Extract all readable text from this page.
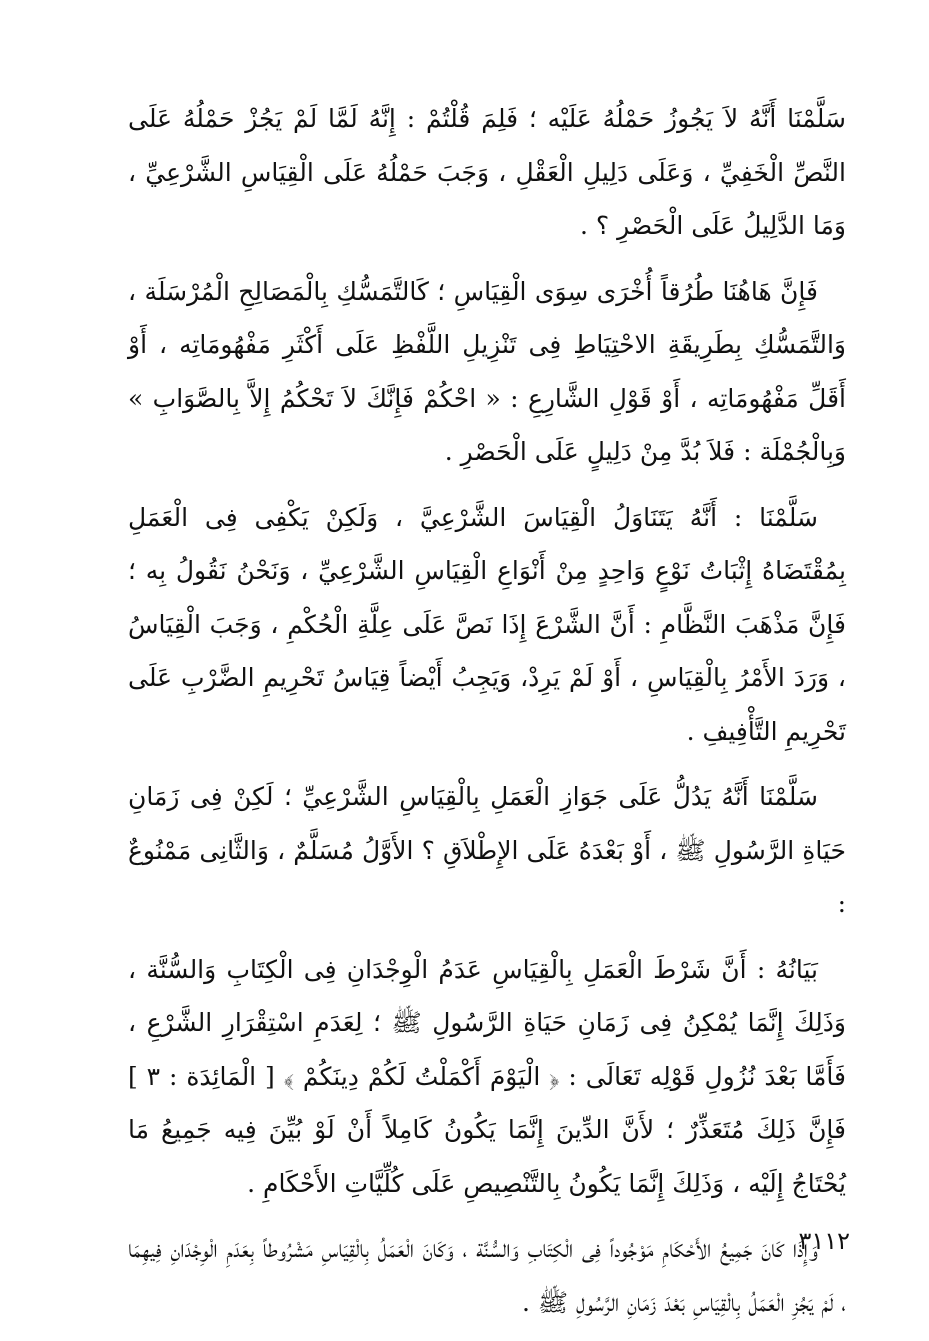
سَلَّمْنَا أَنَّهُ لاَ يَجُوزُ حَمْلُهُ عَلَيْه ؛ فَلِمَ قُلْتُمْ : إِنَّهُ لَمَّا لَمْ يَجُزْ حَمْلُهُ عَلَى النَّصِّ الْخَفِيِّ ، وَعَلَى دَلِيلِ الْعَقْلِ ، وَجَبَ حَمْلُهُ عَلَى الْقِيَاسِ الشَّرْعِيِّ ، وَمَا الدَّلِيلُ عَلَى الْحَصْرِ ؟ .

فَإِنَّ هَاهُنَا طُرُقاً أُخْرَى سِوَى الْقِيَاسِ ؛ كَالتَّمَسُّكِ بِالْمَصَالِحِ الْمُرْسَلَة ، وَالتَّمَسُّكِ بِطَرِيقَةِ الاحْتِيَاطِ فِى تَنْزِيلِ اللَّفْظِ عَلَى أَكْثَرِ مَفْهُومَاتِه ، أَوْ أَقَلِّ مَفْهُومَاتِه ، أَوْ قَوْلِ الشَّارِعِ : « احْكُمْ فَإِنَّكَ لاَ تَحْكُمُ إِلاَّ بِالصَّوَابِ » وَبِالْجُمْلَة : فَلاَ بُدَّ مِنْ دَلِيلٍ عَلَى الْحَصْرِ .

سَلَّمْنَا : أَنَّهُ يَتَنَاوَلُ الْقِيَاسَ الشَّرْعِيَّ ، وَلَكِنْ يَكْفِى فِى الْعَمَلِ بِمُقْتَضَاهُ إِثْبَاتُ نَوْعٍ وَاحِدٍ مِنْ أَنْوَاعِ الْقِيَاسِ الشَّرْعِيِّ ، وَنَحْنُ نَقُولُ بِه ؛ فَإِنَّ مَذْهَبَ النَّظَّامِ : أَنَّ الشَّرْعَ إِذَا نَصَّ عَلَى عِلَّةِ الْحُكْمِ ، وَجَبَ الْقِيَاسُ ، وَرَدَ الأَمْرُ بِالْقِيَاسِ ، أَوْ لَمْ يَرِدْ، وَيَجِبُ أَيْضاً قِيَاسُ تَحْرِيمِ الضَّرْبِ عَلَى تَحْرِيمِ التَّأْفِيفِ .

سَلَّمْنَا أَنَّهُ يَدُلُّ عَلَى جَوَازِ الْعَمَلِ بِالْقِيَاسِ الشَّرْعِيِّ ؛ لَكِنْ فِى زَمَانِ حَيَاةِ الرَّسُولِ ﷺ ، أَوْ بَعْدَهُ عَلَى الإِطْلاَقِ ؟ الأَوَّلُ مُسَلَّمٌ ، وَالثَّانِى مَمْنُوعٌ :

بَيَانُهُ : أَنَّ شَرْطَ الْعَمَلِ بِالْقِيَاسِ عَدَمُ الْوِجْدَانِ فِى الْكِتَابِ وَالسُّنَّة ، وَذَلِكَ إِنَّمَا يُمْكِنُ فِى زَمَانِ حَيَاةِ الرَّسُولِ ﷺ ؛ لِعَدَمِ اسْتِقْرَارِ الشَّرْعِ ، فَأَمَّا بَعْدَ نُزُولِ قَوْلِه تَعَالَى : ﴿ الْيَوْمَ أَكْمَلْتُ لَكُمْ دِينَكُمْ ﴾ [ الْمَائِدَة : ٣ ] فَإِنَّ ذَلِكَ مُتَعَذِّرٌ ؛ لأَنَّ الدِّينَ إِنَّمَا يَكُونُ كَامِلاً أَنْ لَوْ بُيِّنَ فِيه جَمِيعُ مَا يُحْتَاجُ إِلَيْه ، وَذَلِكَ إِنَّمَا يَكُونُ بِالتَّنْصِيصِ عَلَى كُلِّيَّاتِ الأَحْكَامِ .

وَإِذَا كَانَ جَمِيعُ الأَحْكَامِ مَوْجُوداً فِى الْكِتَابِ وَالسُّنَّة ، وَكَانَ الْعَمَلُ بِالْقِيَاسِ مَشْرُوطاً بِعَدَمِ الْوِجْدَانِ فِيهِمَا ، لَمْ يَجُزِ الْعَمَلُ بِالْقِيَاسِ بَعْدَ زَمَانِ الرَّسُولِ ﷺ .

٣١١٢
